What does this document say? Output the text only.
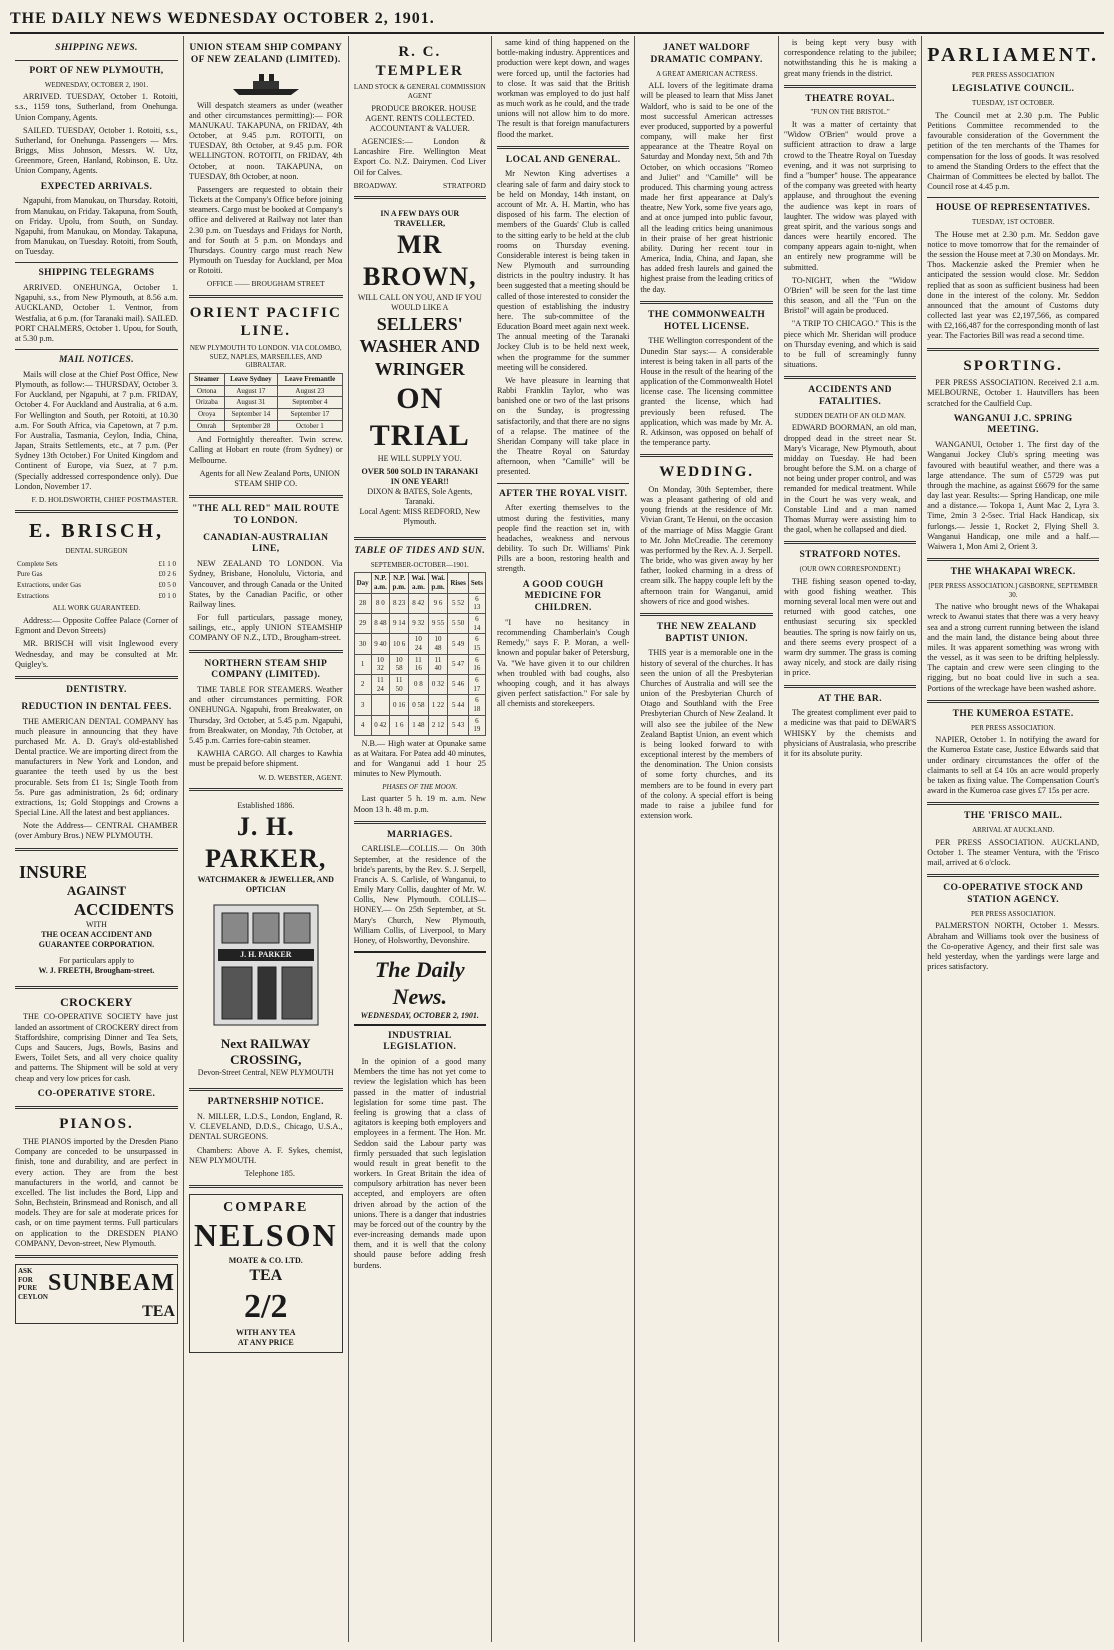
THE DAILY NEWS WEDNESDAY OCTOBER 2, 1901.
SHIPPING NEWS.
PORT OF NEW PLYMOUTH,
WEDNESDAY, OCTOBER 2, 1901.

ARRIVED. TUESDAY, October 1. Rotoiti, s.s., 1159 tons, Sutherland, from Onehunga. Union Company, Agents.

SAILED. TUESDAY, October 1. Rotoiti, s.s., Sutherland, for Onehunga. Passengers — Mrs. Briggs, Miss Johnson, Messrs. W. Utz, Greenmore, Green, Hanland, Robinson, E. Utz. Union Company, Agents.

EXPECTED ARRIVALS.

Ngapuhi, from Manukau, on Thursday. Rotoiti, from Manukau, on Friday. Takapuna, from South, on Friday. Upolu, from South, on Sunday. Ngapuhi, from Manukau, on Monday. Takapuna, from Manukau, on Tuesday. Rotoiti, from South, on Tuesday.

SHIPPING TELEGRAMS

ARRIVED. ONEHUNGA, October 1. Ngapuhi, s.s., from New Plymouth, at 8.56 a.m. AUCKLAND, October 1. Ventnor, from Westfalia, at 6 p.m. (for Taranaki mail). SAILED. PORT CHALMERS, October 1. Upou, for South, at 5.30 p.m.

MAIL NOTICES.

Mails will close at the Chief Post Office, New Plymouth, as follow:— THURSDAY, October 3. For Auckland, per Ngapuhi, at 7 p.m. FRIDAY, October 4. For Auckland and Australia, at 6 a.m. For Wellington and South, per Rotoiti, at 10.30 a.m. For South Africa, via Capetown, at 7 p.m. For Australia, Tasmania, Ceylon, India, China, Japan, Straits Settlements, etc., at 7 p.m. (Per Sydney 13th October.) For United Kingdom and Continent of Europe, via Suez, at 7 p.m. (Specially addressed correspondence only). Due London, November 17.

F. D. HOLDSWORTH, CHIEF POSTMASTER.
E. BRISCH,
DENTAL SURGEON
Complete Sets	£1 1 0
Pure Gas	£0 2 6
Extractions, under Gas	£0 5 0
Extractions	£0 1 0
ALL WORK GUARANTEED.

Address:— Opposite Coffee Palace (Corner of Egmont and Devon Streets)

MR. BRISCH will visit Inglewood every Wednesday, and may be consulted at Mr. Quigley's.

DENTISTRY.
REDUCTION IN DENTAL FEES.

THE AMERICAN DENTAL COMPANY has much pleasure in announcing that they have purchased Mr. A. D. Gray's old-established Dental practice. We are importing direct from the manufacturers in New York and London, and guarantee the teeth used by us the best procurable. Sets from £1 1s; Single Tooth from 5s. Pure gas administration, 2s 6d; ordinary extractions, 1s; Gold Stoppings and Crowns a Special Line. All the latest and best appliances.

Note the Address— CENTRAL CHAMBER (over Ambury Bros.) NEW PLYMOUTH.

INSURE
AGAINST
ACCIDENTS
WITH
THE OCEAN ACCIDENT AND GUARANTEE CORPORATION.
For particulars apply to
W. J. FREETH, Brougham-street.
CROCKERY

THE CO-OPERATIVE SOCIETY have just landed an assortment of CROCKERY direct from Staffordshire, comprising Dinner and Tea Sets, Cups and Saucers, Jugs, Bowls, Basins and Ewers, Toilet Sets, and all very choice quality and patterns. The Shipment will be sold at very cheap and very low prices for cash.

CO-OPERATIVE STORE.
PIANOS.

THE PIANOS imported by the Dresden Piano Company are conceded to be unsurpassed in finish, tone and durability, and are perfect in every action. They are from the best manufacturers in the world, and cannot be excelled. The list includes the Bord, Lipp and Sohn, Bechstein, Brinsmead and Ronisch, and all models. They are for sale at moderate prices for cash, or on time payment terms. Full particulars on application to the DRESDEN PIANO COMPANY, Devon-street, New Plymouth.

ASK FOR
PURE CEYLON
SUNBEAM
TEA
UNION STEAM SHIP COMPANY OF NEW ZEALAND (LIMITED).

Will despatch steamers as under (weather and other circumstances permitting):— FOR MANUKAU. TAKAPUNA, on FRIDAY, 4th October, at 9.45 p.m. ROTOITI, on TUESDAY, 8th October, at 9.45 p.m. FOR WELLINGTON. ROTOITI, on FRIDAY, 4th October, at noon. TAKAPUNA, on TUESDAY, 8th October, at noon.

Passengers are requested to obtain their Tickets at the Company's Office before joining steamers. Cargo must be booked at Company's office and delivered at Railway not later than 2.30 p.m. on Tuesdays and Fridays for North, and for South at 5 p.m. on Mondays and Thursdays. Country cargo must reach New Plymouth on Tuesday for Auckland, per Moa or Rotoiti.

OFFICE —— BROUGHAM STREET
ORIENT PACIFIC LINE.
NEW PLYMOUTH TO LONDON. VIA COLOMBO, SUEZ, NAPLES, MARSEILLES, AND GIBRALTAR.
Steamer	Leave Sydney	Leave Fremantle
Ortona	August 17	August 23
Orizaba	August 31	September 4
Oroya	September 14	September 17
Omrah	September 28	October 1

And Fortnightly thereafter. Twin screw. Calling at Hobart en route (from Sydney) or Melbourne.

Agents for all New Zealand Ports, UNION STEAM SHIP CO.

"THE ALL RED" MAIL ROUTE TO LONDON.
CANADIAN-AUSTRALIAN LINE,

NEW ZEALAND TO LONDON. Via Sydney, Brisbane, Honolulu, Victoria, and Vancouver, and through Canada or the United States, by the Canadian Pacific, or other Railway lines.

For full particulars, passage money, sailings, etc., apply UNION STEAMSHIP COMPANY OF N.Z., LTD., Brougham-street.

NORTHERN STEAM SHIP COMPANY (LIMITED).

TIME TABLE FOR STEAMERS. Weather and other circumstances permitting. FOR ONEHUNGA. Ngapuhi, from Breakwater, on Thursday, 3rd October, at 5.45 p.m. Ngapuhi, from Breakwater, on Monday, 7th October, at 5.45 p.m. Carries fore-cabin steamer.

KAWHIA CARGO. All charges to Kawhia must be prepaid before shipment.

W. D. WEBSTER, AGENT.
Established 1886.
J. H. PARKER,
WATCHMAKER & JEWELLER, AND OPTICIAN
J. H. PARKER
Next RAILWAY CROSSING,
Devon-Street Central, NEW PLYMOUTH
PARTNERSHIP NOTICE.

N. MILLER, L.D.S., London, England, R. V. CLEVELAND, D.D.S., Chicago, U.S.A., DENTAL SURGEONS.

Chambers: Above A. F. Sykes, chemist, NEW PLYMOUTH.

Telephone 185.

COMPARE
NELSON
MOATE & CO. LTD.
TEA
2/2
WITH ANY TEA
AT ANY PRICE
R. C. TEMPLER
LAND STOCK & GENERAL COMMISSION AGENT

PRODUCE BROKER. HOUSE AGENT. RENTS COLLECTED. ACCOUNTANT & VALUER.

AGENCIES:— London & Lancashire Fire. Wellington Meat Export Co. N.Z. Dairymen. Cod Liver Oil for Calves.

BROADWAY.	STRATFORD
IN A FEW DAYS OUR TRAVELLER,
MR BROWN,
WILL CALL ON YOU, AND IF YOU WOULD LIKE A
SELLERS' WASHER AND WRINGER
ON TRIAL
HE WILL SUPPLY YOU.
OVER 500 SOLD IN TARANAKI IN ONE YEAR!!
DIXON & BATES, Sole Agents, Taranaki.
Local Agent: MISS REDFORD, New Plymouth.
TABLE OF TIDES AND SUN.
SEPTEMBER-OCTOBER—1901.
Day	N.P. a.m.	N.P. p.m.	Wai. a.m.	Wai. p.m.	Rises	Sets
28	8 0	8 23	8 42	9 6	5 52	6 13
29	8 48	9 14	9 32	9 55	5 50	6 14
30	9 40	10 6	10 24	10 48	5 49	6 15
1	10 32	10 58	11 16	11 40	5 47	6 16
2	11 24	11 50	0 8	0 32	5 46	6 17
3		0 16	0 58	1 22	5 44	6 18
4	0 42	1 6	1 48	2 12	5 43	6 19

N.B.— High water at Opunake same as at Waitara. For Patea add 40 minutes, and for Wanganui add 1 hour 25 minutes to New Plymouth.

PHASES OF THE MOON.

Last quarter 5 h. 19 m. a.m. New Moon 13 h. 48 m. p.m.

MARRIAGES.

CARLISLE—COLLIS.— On 30th September, at the residence of the bride's parents, by the Rev. S. J. Serpell, Francis A. S. Carlisle, of Wanganui, to Emily Mary Collis, daughter of Mr. W. Collis, New Plymouth. COLLIS—HONEY.— On 25th September, at St. Mary's Church, New Plymouth, William Collis, of Liverpool, to Mary Honey, of Holsworthy, Devonshire.

The Daily News.
WEDNESDAY, OCTOBER 2, 1901.
INDUSTRIAL LEGISLATION.

In the opinion of a good many Members the time has not yet come to review the legislation which has been passed in the matter of industrial legislation for some time past. The feeling is growing that a class of agitators is keeping both employers and employees in a ferment. The Hon. Mr. Seddon said the Labour party was firmly persuaded that such legislation would result in great benefit to the workers. In Great Britain the idea of compulsory arbitration has never been accepted, and employers are often driven abroad by the action of the unions. There is a danger that industries may be forced out of the country by the ever-increasing demands made upon them, and it is well that the colony should pause before adding fresh burdens.

same kind of thing happened on the bottle-making industry. Apprentices and production were kept down, and wages were forced up, until the factories had to close. It was said that the British workman was employed to do just half as much work as he could, and the trade unions will not allow him to do more. The result is that foreign manufacturers flood the market.

LOCAL AND GENERAL.

Mr Newton King advertises a clearing sale of farm and dairy stock to be held on Monday, 14th instant, on account of Mr. A. H. Martin, who has disposed of his farm. The election of members of the Guards' Club is called to the sitting early to be held at the club rooms on Thursday evening. Considerable interest is being taken in New Plymouth and surrounding districts in the poultry industry. It has been suggested that a meeting should be called of those interested to consider the question of establishing the industry here. The sub-committee of the Education Board meet again next week. The annual meeting of the Taranaki Jockey Club is to be held next week, when the programme for the summer meeting will be considered.

We have pleasure in learning that Rabbi Franklin Taylor, who was banished one or two of the last prisons on the Sunday, is progressing satisfactorily, and that there are no signs of a relapse. The matinee of the Sheridan Company will take place in the Theatre Royal on Saturday afternoon, when "Camille" will be presented.

AFTER THE ROYAL VISIT.

After exerting themselves to the utmost during the festivities, many people find the reaction set in, with headaches, weakness and nervous debility. To such Dr. Williams' Pink Pills are a boon, restoring health and strength.

A GOOD COUGH MEDICINE FOR CHILDREN.

"I have no hesitancy in recommending Chamberlain's Cough Remedy," says F. P. Moran, a well-known and popular baker of Petersburg, Va. "We have given it to our children when troubled with bad coughs, also whooping cough, and it has always given perfect satisfaction." For sale by all chemists and storekeepers.

JANET WALDORF DRAMATIC COMPANY.
A GREAT AMERICAN ACTRESS.

ALL lovers of the legitimate drama will be pleased to learn that Miss Janet Waldorf, who is said to be one of the most successful American actresses ever produced, supported by a powerful company, will make her first appearance at the Theatre Royal on Saturday and Monday next, 5th and 7th October, on which occasions "Romeo and Juliet" and "Camille" will be produced. This charming young actress made her first appearance at Daly's theatre, New York, some five years ago, and at once jumped into public favour, all the leading critics being unanimous in their praise of her great histrionic ability. During her recent tour in America, India, China, and Japan, she has added fresh laurels and gained the highest praise from the leading critics of the day.

THE COMMONWEALTH HOTEL LICENSE.

THE Wellington correspondent of the Dunedin Star says:— A considerable interest is being taken in all parts of the House in the result of the hearing of the application of the Commonwealth Hotel license case. The licensing committee granted the license, which had previously been refused. The application, which was made by Mr. A. R. Atkinson, was opposed on behalf of the temperance party.

WEDDING.

On Monday, 30th September, there was a pleasant gathering of old and young friends at the residence of Mr. Vivian Grant, Te Henui, on the occasion of the marriage of Miss Maggie Grant to Mr. John McCreadie. The ceremony was performed by the Rev. A. J. Serpell. The bride, who was given away by her father, looked charming in a dress of cream silk. The happy couple left by the afternoon train for Wanganui, amid showers of rice and good wishes.

THE NEW ZEALAND BAPTIST UNION.

THIS year is a memorable one in the history of several of the churches. It has seen the union of all the Presbyterian Churches of Australia and will see the union of the Presbyterian Church of Otago and Southland with the Free Presbyterian Church of New Zealand. It will also see the jubilee of the New Zealand Baptist Union, an event which is being looked forward to with exceptional interest by the members of the denomination. The Union consists of some forty churches, and its members are to be found in every part of the colony. A special effort is being made to raise a jubilee fund for extension work.

is being kept very busy with correspondence relating to the jubilee; notwithstanding this he is making a great many friends in the district.

THEATRE ROYAL.
"FUN ON THE BRISTOL."

It was a matter of certainty that "Widow O'Brien" would prove a sufficient attraction to draw a large crowd to the Theatre Royal on Tuesday evening, and it was not surprising to find a "bumper" house. The appearance of the company was greeted with hearty applause, and throughout the evening the audience was kept in roars of laughter. The widow was played with great spirit, and the various songs and dances were heartily encored. The company appears again to-night, when an entirely new programme will be submitted.

TO-NIGHT, when the "Widow O'Brien" will be seen for the last time this season, and all the "Fun on the Bristol" will again be produced.

"A TRIP TO CHICAGO." This is the piece which Mr. Sheridan will produce on Thursday evening, and which is said to be full of screamingly funny situations.

ACCIDENTS AND FATALITIES.
SUDDEN DEATH OF AN OLD MAN.

EDWARD BOORMAN, an old man, dropped dead in the street near St. Mary's Vicarage, New Plymouth, about midday on Tuesday. He had been brought before the S.M. on a charge of not being under proper control, and was remanded for medical treatment. While in the Court he was very weak, and Constable Lind and a man named Thomas Murray were assisting him to the gaol, when he collapsed and died.

STRATFORD NOTES.
(OUR OWN CORRESPONDENT.)

THE fishing season opened to-day, with good fishing weather. This morning several local men were out and returned with good catches, one enthusiast securing six speckled beauties. The spring is now fairly on us, and there seems every prospect of a warm dry summer. The grass is coming away nicely, and stock are daily rising in price.

AT THE BAR.

The greatest compliment ever paid to a medicine was that paid to DEWAR'S WHISKY by the chemists and physicians of Australasia, who prescribe it for its absolute purity.

PARLIAMENT.
PER PRESS ASSOCIATION
LEGISLATIVE COUNCIL.
TUESDAY, 1ST OCTOBER.

The Council met at 2.30 p.m. The Public Petitions Committee recommended to the favourable consideration of the Government the petition of the ten merchants of the Thames for compensation for the loss of goods. It was resolved to amend the Standing Orders to the effect that the Chairman of Committees be elected by ballot. The Council rose at 4.45 p.m.

HOUSE OF REPRESENTATIVES.
TUESDAY, 1ST OCTOBER.

The House met at 2.30 p.m. Mr. Seddon gave notice to move tomorrow that for the remainder of the session the House meet at 7.30 on Mondays. Mr. Thos. Mackenzie asked the Premier when he anticipated the session would close. Mr. Seddon replied that as soon as sufficient business had been done in the interest of the colony. Mr. Seddon announced that the amount of Customs duty collected last year was £2,197,566, as compared with £2,166,487 for the corresponding month of last year. The Factories Bill was read a second time.

SPORTING.

PER PRESS ASSOCIATION. Received 2.1 a.m. MELBOURNE, October 1. Hautvillers has been scratched for the Caulfield Cup.

WANGANUI J.C. SPRING MEETING.

WANGANUI, October 1. The first day of the Wanganui Jockey Club's spring meeting was favoured with beautiful weather, and there was a large attendance. The sum of £5729 was put through the machine, as against £6679 for the same day last year. Results:— Spring Handicap, one mile and a distance.— Tokopa 1, Aunt Mac 2, Lyra 3. Time, 2min 3 2-5sec. Trial Hack Handicap, six furlongs.— Jessie 1, Rocket 2, Flying Shell 3. Wanganui Handicap, one mile and a half.— Waiwera 1, Mon Ami 2, Orient 3.

THE WHAKAPAI WRECK.
[PER PRESS ASSOCIATION.] GISBORNE, SEPTEMBER 30.

The native who brought news of the Whakapai wreck to Awanui states that there was a very heavy sea and a strong current running between the island and the main land, the distance being about three miles. It was apparent something was wrong with the vessel, as it was seen to be drifting helplessly. The captain and crew were seen clinging to the rigging, but no boat could live in such a sea. Portions of the wreckage have been washed ashore.

THE KUMEROA ESTATE.
PER PRESS ASSOCIATION.

NAPIER, October 1. In notifying the award for the Kumeroa Estate case, Justice Edwards said that under ordinary circumstances the offer of the claimants to sell at £4 10s an acre would properly be taken as fixing value. The Compensation Court's award in the Kumeroa case gives £7 15s per acre.

THE 'FRISCO MAIL.
ARRIVAL AT AUCKLAND.

PER PRESS ASSOCIATION. AUCKLAND, October 1. The steamer Ventura, with the 'Frisco mail, arrived at 6 o'clock.

CO-OPERATIVE STOCK AND STATION AGENCY.
PER PRESS ASSOCIATION.

PALMERSTON NORTH, October 1. Messrs. Abraham and Williams took over the business of the Co-operative Agency, and their first sale was held yesterday, when the yardings were large and prices satisfactory.
